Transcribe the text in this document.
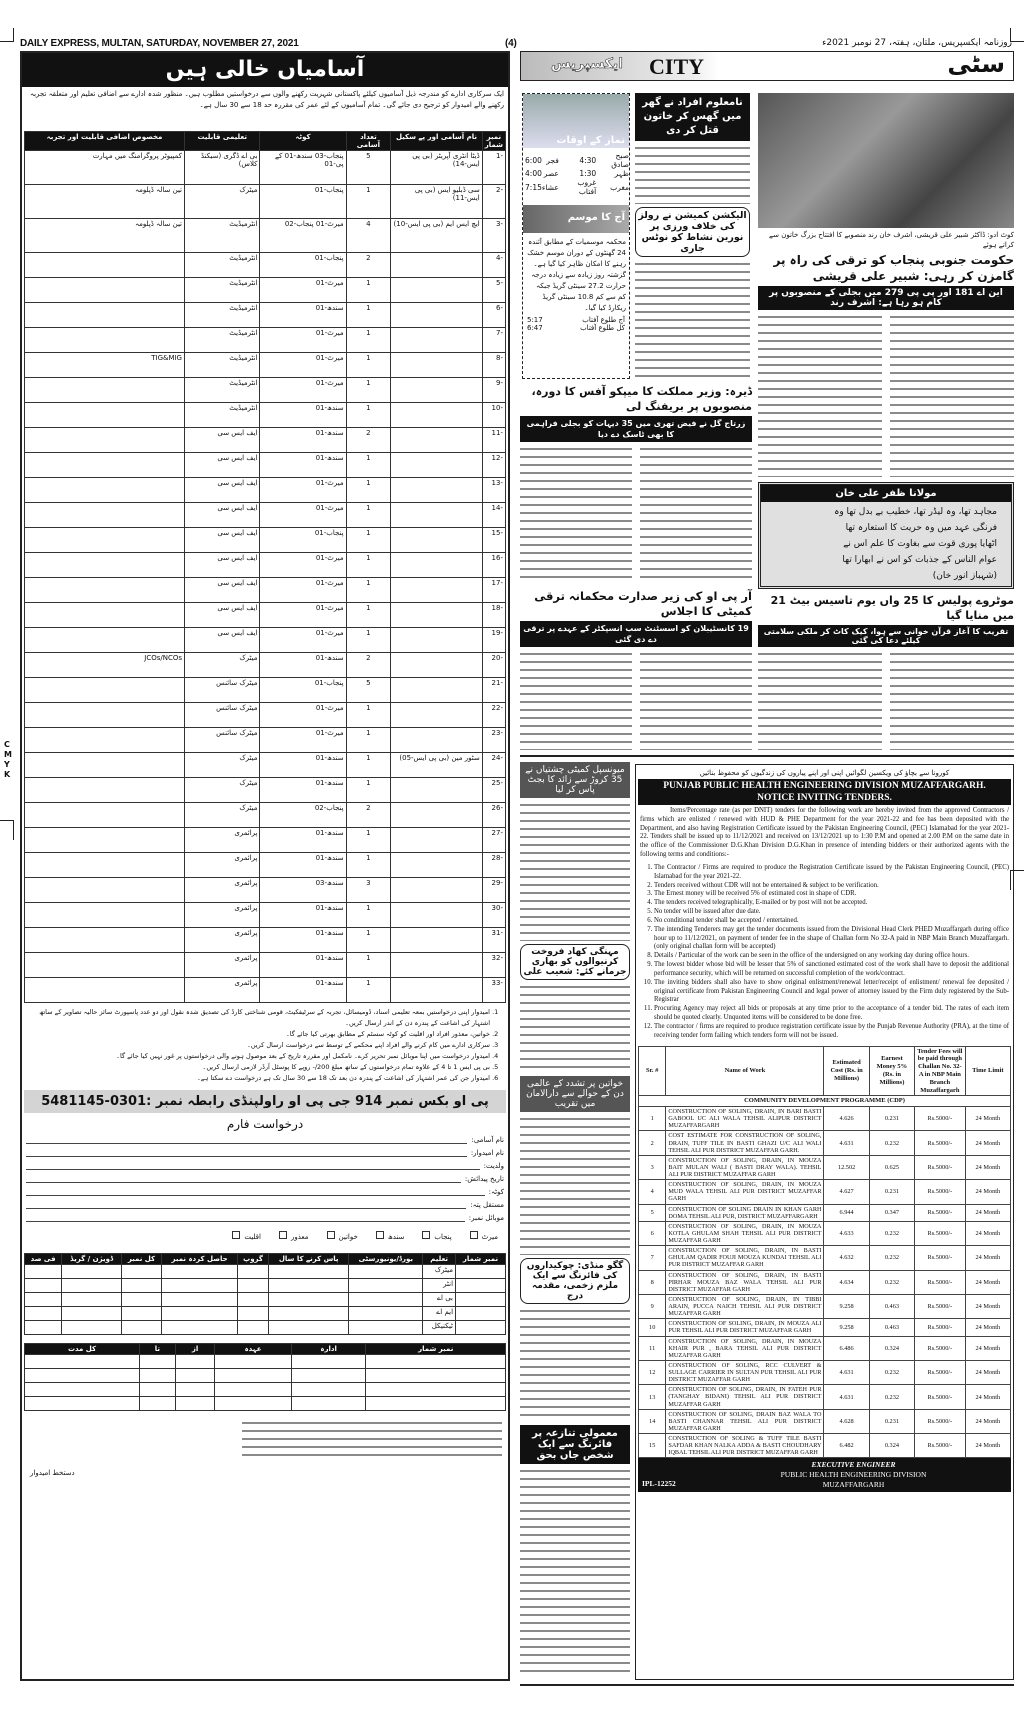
C
M
Y
K
DAILY EXPRESS, MULTAN, SATURDAY, NOVEMBER 27, 2021	(4)	روزنامہ ایکسپریس، ملتان، ہفتہ، 27 نومبر 2021ء
آسامیاں خالی ہیں
ایک سرکاری ادارے کو مندرجہ ذیل آسامیوں کیلئے پاکستانی شہریت رکھنے والوں سے درخواستیں مطلوب ہیں۔ منظور شدہ ادارے سے اضافی تعلیم اور متعلقہ تجربہ رکھنے والے امیدوار کو ترجیح دی جائے گی۔ تمام آسامیوں کے لئے عمر کی مقررہ حد 18 سے 30 سال ہے۔
نمبر شمار	نام آسامی اور پے سکیل	تعداد آسامی	کوٹہ	تعلیمی قابلیت	مخصوص اضافی قابلیت اور تجربہ
-1	ڈیٹا انٹری آپریٹر (بی پی ایس-14)	5	پنجاب-03 سندھ-01 کے پی-01	بی اے ڈگری (سیکنڈ کلاس)	کمپیوٹر پروگرامنگ میں مہارت
-2	سی ڈبلیو ایس (بی پی ایس-11)	1	پنجاب-01	میٹرک	تین سالہ ڈپلومہ
-3	ایچ ایس ایم (بی پی ایس-10)	4	میرٹ-01 پنجاب-02	انٹرمیڈیٹ	تین سالہ ڈپلومہ
-4		2	پنجاب-01	انٹرمیڈیٹ	
-5		1	میرٹ-01	انٹرمیڈیٹ	
-6		1	سندھ-01	انٹرمیڈیٹ	
-7		1	میرٹ-01	انٹرمیڈیٹ	
-8		1	میرٹ-01	انٹرمیڈیٹ	TIG&MIG
-9		1	میرٹ-01	انٹرمیڈیٹ	
-10		1	سندھ-01	انٹرمیڈیٹ	
-11		2	سندھ-01	ایف ایس سی	
-12		1	سندھ-01	ایف ایس سی	
-13		1	میرٹ-01	ایف ایس سی	
-14		1	میرٹ-01	ایف ایس سی	
-15		1	پنجاب-01	ایف ایس سی	
-16		1	میرٹ-01	ایف ایس سی	
-17		1	میرٹ-01	ایف ایس سی	
-18		1	میرٹ-01	ایف ایس سی	
-19		1	میرٹ-01	ایف ایس سی	
-20		2	سندھ-01	میٹرک	JCOs/NCOs
-21		5	پنجاب-01	میٹرک سائنس	
-22		1	میرٹ-01	میٹرک سائنس	
-23		1	میرٹ-01	میٹرک سائنس	
-24	سٹور مین (بی پی ایس-05)	1	سندھ-01	میٹرک	
-25		1	سندھ-01	میٹرک	
-26		2	پنجاب-02	میٹرک	
-27		1	سندھ-01	پرائمری	
-28		1	سندھ-01	پرائمری	
-29		3	سندھ-03	پرائمری	
-30		1	سندھ-01	پرائمری	
-31		1	سندھ-01	پرائمری	
-32		1	سندھ-01	پرائمری	
-33		1	سندھ-01	پرائمری	
1. امیدوار اپنی درخواستیں بمعہ تعلیمی اسناد، ڈومیسائل، تجربہ کے سرٹیفکیٹ، قومی شناختی کارڈ کی تصدیق شدہ نقول اور دو عدد پاسپورٹ سائز حالیہ تصاویر کے ساتھ اشتہار کی اشاعت کے پندرہ دن کے اندر ارسال کریں۔
2. خواتین، معذور افراد اور اقلیت کو کوٹہ سسٹم کے مطابق بھرتی کیا جائے گا۔
3. سرکاری ادارے میں کام کرنے والے افراد اپنے محکمے کے توسط سے درخواست ارسال کریں۔
4. امیدوار درخواست میں اپنا موبائل نمبر تحریر کرے۔ نامکمل اور مقررہ تاریخ کے بعد موصول ہونے والی درخواستوں پر غور نہیں کیا جائے گا۔
5. بی پی ایس 1 تا 4 کے علاوہ تمام درخواستوں کے ساتھ مبلغ 200/- روپے کا پوسٹل آرڈر لازمی ارسال کریں۔
6. امیدوار جن کی عمر اشتہار کی اشاعت کے پندرہ دن بعد تک 18 سے 30 سال تک ہے درخواست دے سکتا ہے۔
پی او بکس نمبر 914 جی پی او راولپنڈی رابطہ نمبر :0301-5481145
درخواست فارم
نام آسامی:
نام امیدوار:
ولدیت:
تاریخ پیدائش:
کوٹہ:
مستقل پتہ:
موبائل نمبر:
میرٹ
پنجاب
سندھ
خواتین
معذور
اقلیت
نمبر شمار	تعلیم	بورڈ/یونیورسٹی	پاس کرنے کا سال	گروپ	حاصل کردہ نمبر	کل نمبر	ڈویژن / گریڈ	فی صد
	میٹرک							
	انٹر							
	بی اے							
	ایم اے							
	ٹیکنیکل							
نمبر شمار	ادارہ	عہدہ	از	تا	کل مدت

دستخط امیدوار
ایکسپریس CITY	سٹی
نماز کے اوقات
صبح صادق	4:30	فجر	6:00
ظہر	1:30	عصر	4:00
مغرب	غروب آفتاب	عشاء	7:15
آج کا موسم
محکمہ موسمیات کے مطابق آئندہ 24 گھنٹوں کے دوران موسم خشک رہنے کا امکان ظاہر کیا گیا ہے۔ گزشتہ روز زیادہ سے زیادہ درجہ حرارت 27.2 سینٹی گریڈ جبکہ کم سے کم 10.8 سینٹی گریڈ ریکارڈ کیا گیا۔
آج طلوع آفتاب
5:17
کل طلوع آفتاب
6:47
نامعلوم افراد نے گھر میں گھس کر خاتون قتل کر دی
الیکشن کمیشن نے رولز کی خلاف ورزی پر نورین نشاط کو نوٹس جاری
کوٹ ادو: ڈاکٹر شبیر علی قریشی، اشرف خان رند منصوبے کا افتتاح بزرگ خاتون سے کراتے ہوئے
حکومت جنوبی پنجاب کو ترقی کی راہ پر گامزن کر رہی: شبیر علی قریشی
این اے 181 اور پی پی 279 میں بجلی کے منصوبوں پر کام ہو رہا ہے: اشرف رند
مولانا ظفر علی خان
مجاہد تھا، وہ لیڈر تھا، خطیب بے بدل تھا وہ
فرنگی عہد میں وہ حریت کا استعارہ تھا
اٹھایا پوری قوت سے بغاوت کا علم اس نے
عوام الناس کے جذبات کو اس نے ابھارا تھا
(شہباز انور خان)
موٹروے پولیس کا 25 واں یوم تاسیس بیٹ 21 میں منایا گیا
تقریب کا آغاز قرآن خوانی سے ہوا، کیک کاٹ کر ملکی سلامتی کیلئے دعا کی گئی
ڈیرہ: وزیر مملکت کا میپکو آفس کا دورہ، منصوبوں پر بریفنگ لی
زرتاج گل نے فیض تھری میں 35 دیہات کو بجلی فراہمی کا بھی ٹاسک دے دیا
آر پی او کی زیر صدارت محکمانہ ترقی کمیٹی کا اجلاس
19 کانسٹیبلان کو اسسٹنٹ سب انسپکٹر کے عہدے پر ترقی دے دی گئی
میونسپل کمیٹی چشتیاں نے 35 کروڑ سے زائد کا بجٹ پاس کر لیا
مہنگی کھاد فروخت کرنیوالوں کو بھاری جرمانے کئے: شعیب علی
خواتین پر تشدد کے عالمی دن کے حوالے سے دارالامان میں تقریب
گگو منڈی: چوکیداروں کی فائرنگ سے ایک ملزم زخمی، مقدمہ درج
معمولی تنازعہ پر فائرنگ سے ایک شخص جاں بحق
کورونا سے بچاؤ کی ویکسین لگوائیں اپنی اور اپنے پیاروں کی زندگیوں کو محفوظ بنائیں
PUNJAB PUBLIC HEALTH ENGINEERING DIVISION MUZAFFARGARH.
NOTICE INVITING TENDERS.
Items/Percentage rate (as per DNIT) tenders for the following work are hereby invited from the approved Contractors / firms which are enlisted / renewed with HUD & PHE Department for the year 2021-22 and fee has been deposited with the Department, and also having Registration Certificate issued by the Pakistan Engineering Council, (PEC) Islamabad for the year 2021-22. Tenders shall be issued up to 11/12/2021 and received on 13/12/2021 up to 1:30 P.M and opened at 2.00 P.M on the same date in the office of the Commissioner D.G.Khan Division D.G.Khan in presence of intending bidders or their authorized agents with the following terms and conditions:-
1. The Contractor / Firms are required to produce the Registration Certificate issued by the Pakistan Engineering Council, (PEC) Islamabad for the year 2021-22.
2. Tenders received without CDR will not be entertained & subject to be verification.
3. The Ernest money will be received 5% of estimated cost in shape of CDR.
4. The tenders received telegraphically, E-mailed or by post will not be accepted.
5. No tender will be issued after due date.
6. No conditional tender shall be accepted / entertained.
7. The intending Tenderers may get the tender documents issued from the Divisional Head Clerk PHED Muzaffargarh during office hour up to 11/12/2021, on payment of tender fee in the shape of Challan form No 32-A paid in NBP Main Branch Muzaffargarh. (only original challan form will be accepted)
8. Details / Particular of the work can be seen in the office of the undersigned on any working day during office hours.
9. The lowest bidder whose bid will be lesser that 5% of sanctioned estimated cost of the work shall have to deposit the additional performance security, which will be returned on successful completion of the work/contract.
10. The inviting bidders shall also have to show original enlistment/renewal letter/receipt of enlistment/ renewal fee deposited / original certificate from Pakistan Engineering Council and legal power of attorney issued by the Firm duly registered by the Sub-Registrar
11. Procuring Agency may reject all bids or proposals at any time prior to the acceptance of a tender bid. The rates of each item should be quoted clearly. Unquoted items will be considered to be done free.
12. The contractor / firms are required to produce registration certificate issue by the Punjab Revenue Authority (PRA), at the time of receiving tender form failing which tenders form will not be issued.
Sr. #	Name of Work	Estimated Cost (Rs. in Millions)	Earnest Money 5% (Rs. in Millions)	Tender Fees will be paid through Challan No. 32-A in NBP Main Branch Muzaffargarh	Time Limit
COMMUNITY DEVELOPMENT PROGRAMME (CDP)					
1	CONSTRUCTION OF SOLING, DRAIN, IN BARI BASTI GABOOL UC ALI WALA TEHSIL ALIPUR DISTRICT MUZAFFARGARH	4.626	0.231	Rs.5000/-	24 Month
2	COST ESTIMATE FOR CONSTRUCTION OF SOLING, DRAIN, TUFF TILE IN BASTI GHAZI U/C ALI WALI TEHSIL ALI PUR DISTRICT MUZAFFAR GARH.	4.631	0.232	Rs.5000/-	24 Month
3	CONSTRUCTION OF SOLING, DRAIN, IN MOUZA BAIT MULAN WALI ( BASTI DRAY WALA). TEHSIL ALI PUR DISTRICT MUZAFFAR GARH	12.502	0.625	Rs.5000/-	24 Month
4	CONSTRUCTION OF SOLING, DRAIN, IN MOUZA MUD WALA TEHSIL ALI PUR DISTRICT MUZAFFAR GARH	4.627	0.231	Rs.5000/-	24 Month
5	CONSTRUCTION OF SOLING DRAIN IN KHAN GARH DOMA TEHSIL ALI PUR, DISTRICT MUZAFFARGARH	6.944	0.347	Rs.5000/-	24 Month
6	CONSTRUCTION OF SOLING, DRAIN, IN MOUZA KOTLA GHULAM SHAH TEHSIL ALI PUR DISTRICT MUZAFFAR GARH	4.633	0.232	Rs.5000/-	24 Month
7	CONSTRUCTION OF SOLING, DRAIN, IN BASTI GHULAM QADIR FOUJI MOUZA KUNDAI TEHSIL ALI PUR DISTRICT MUZAFFAR GARH	4.632	0.232	Rs.5000/-	24 Month
8	CONSTRUCTION OF SOLING, DRAIN, IN BASTI PIRHAR MOUZA BAZ WALA TEHSIL ALI PUR DISTRICT MUZAFFAR GARH	4.634	0.232	Rs.5000/-	24 Month
9	CONSTRUCTION OF SOLING, DRAIN, IN TIBBI ARAIN, PUCCA NAICH TEHSIL ALI PUR DISTRICT MUZAFFAR GARH	9.258	0.463	Rs.5000/-	24 Month
10	CONSTRUCTION OF SOLING, DRAIN, IN MOUZA ALI PUR TEHSIL ALI PUR DISTRICT MUZAFFAR GARH	9.258	0.463	Rs.5000/-	24 Month
11	CONSTRUCTION OF SOLING, DRAIN, IN MOUZA KHAIR PUR , BARA TEHSIL ALI PUR DISTRICT MUZAFFAR GARH	6.486	0.324	Rs.5000/-	24 Month
12	CONSTRUCTION OF SOLING, RCC CULVERT & SULLAGE CARRIER IN SULTAN PUR TEHSIL ALI PUR DISTRICT MUZAFFAR GARH	4.631	0.232	Rs.5000/-	24 Month
13	CONSTRUCTION OF SOLING, DRAIN, IN FATEH PUR (TANGHAY BIDANI) TEHSIL ALI PUR DISTRICT MUZAFFAR GARH	4.631	0.232	Rs.5000/-	24 Month
14	CONSTRUCTION OF SOLING, DRAIN BAZ WALA TO BASTI CHANNAR TEHSIL ALI PUR DISTRICT MUZAFFAR GARH	4.628	0.231	Rs.5000/-	24 Month
15	CONSTRUCTION OF SOLING & TUFF TILE BASTI SAFDAR KHAN NALKA ADDA & BASTI CHOUDHARY IQBAL TEHSIL ALI PUR DISTRICT MUZAFFAR GARH	6.482	0.324	Rs.5000/-	24 Month
EXECUTIVE ENGINEER
PUBLIC HEALTH ENGINEERING DIVISION
MUZAFFARGARH
IPL-12252
